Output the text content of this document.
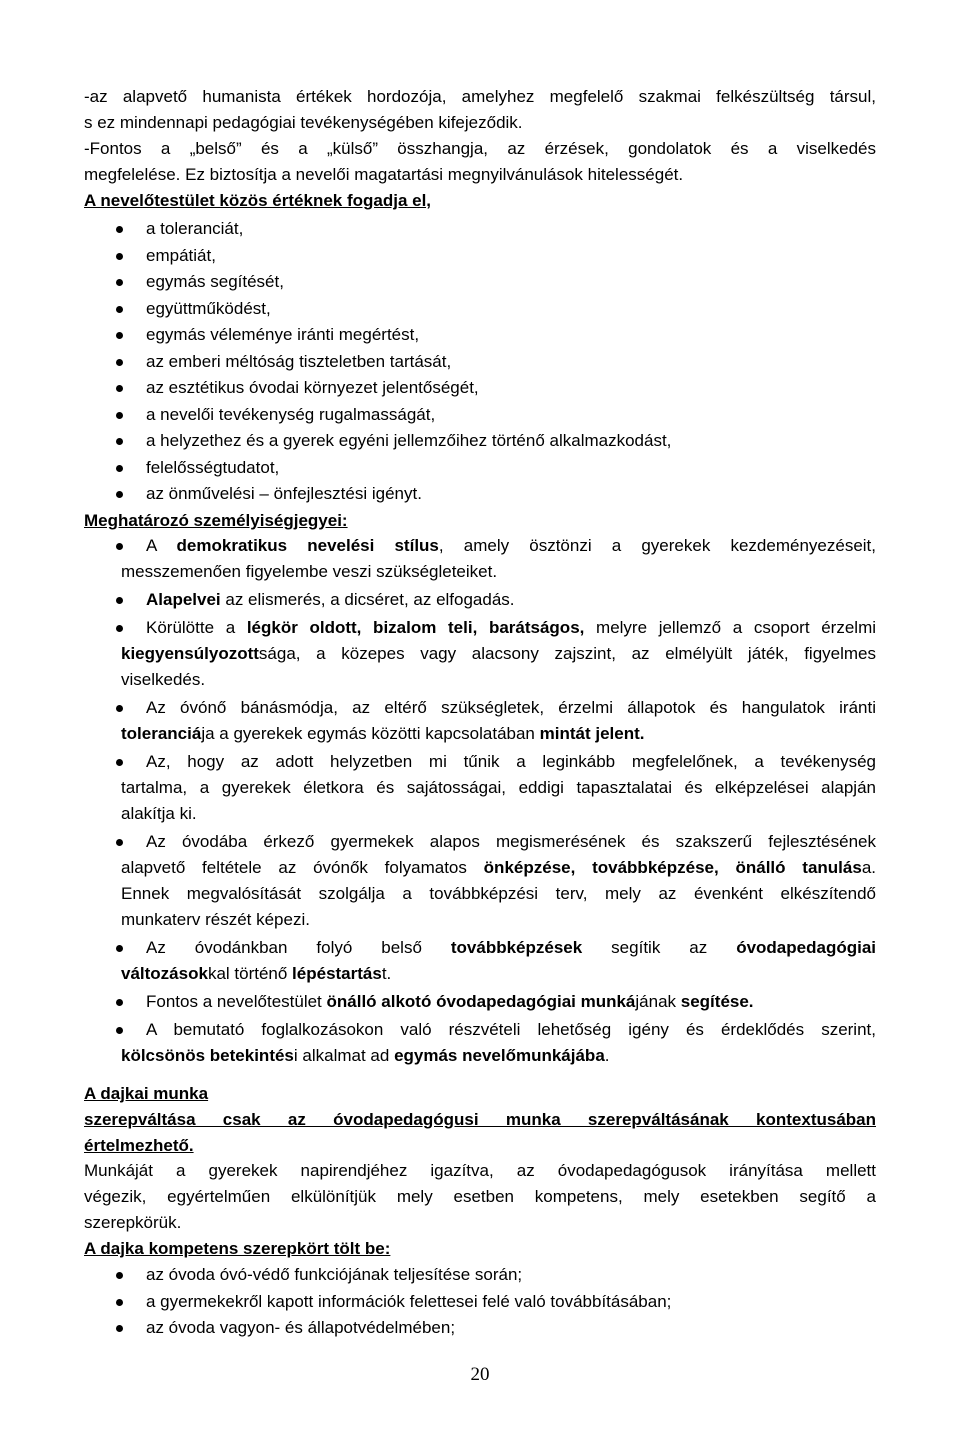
-az alapvető humanista értékek hordozója, amelyhez megfelelő szakmai felkészültség társul,
s ez mindennapi pedagógiai tevékenységében kifejeződik.
-Fontos a „belső” és a „külső” összhangja, az érzések, gondolatok és a viselkedés
megfelelése. Ez biztosítja a nevelői magatartási megnyilvánulások hitelességét.
A nevelőtestület közös értéknek fogadja el,
a toleranciát,
empátiát,
egymás segítését,
együttműködést,
egymás véleménye iránti megértést,
az emberi méltóság tiszteletben tartását,
az esztétikus óvodai környezet jelentőségét,
a nevelői tevékenység rugalmasságát,
a helyzethez és a gyerek egyéni jellemzőihez történő alkalmazkodást,
felelősségtudatot,
az önművelési – önfejlesztési igényt.
Meghatározó személyiségjegyei:
A demokratikus nevelési stílus, amely ösztönzi a gyerekek kezdeményezéseit,
messzemenően figyelembe veszi szükségleteiket.
Alapelvei az elismerés, a dicséret, az elfogadás.
Körülötte a légkör oldott, bizalom teli, barátságos, melyre jellemző a csoport érzelmi
kiegyensúlyozottsága, a közepes vagy alacsony zajszint, az elmélyült játék, figyelmes
viselkedés.
Az óvónő bánásmódja, az eltérő szükségletek, érzelmi állapotok és hangulatok iránti
toleranciája a gyerekek egymás közötti kapcsolatában mintát jelent.
Az, hogy az adott helyzetben mi tűnik a leginkább megfelelőnek, a tevékenység
tartalma, a gyerekek életkora és sajátosságai, eddigi tapasztalatai és elképzelései alapján
alakítja ki.
Az óvodába érkező gyermekek alapos megismerésének és szakszerű fejlesztésének
alapvető feltétele az óvónők folyamatos önképzése, továbbképzése, önálló tanulása.
Ennek megvalósítását szolgálja a továbbképzési terv, mely az évenként elkészítendő
munkaterv részét képezi.
Az óvodánkban folyó belső továbbképzések segítik az óvodapedagógiai
változásokkal történő lépéstartást.
Fontos a nevelőtestület önálló alkotó óvodapedagógiai munkájának segítése.
A bemutató foglalkozásokon való részvételi lehetőség igény és érdeklődés szerint,
kölcsönös betekintési alkalmat ad egymás nevelőmunkájába.
A dajkai munka
szerepváltása csak az óvodapedagógusi munka szerepváltásának kontextusában
értelmezhető.
Munkáját a gyerekek napirendjéhez igazítva, az óvodapedagógusok irányítása mellett
végezik, egyértelműen elkülönítjük mely esetben kompetens, mely esetekben segítő a
szerepkörük.
A dajka kompetens szerepkört tölt be:
az óvoda óvó-védő funkciójának teljesítése során;
a gyermekekről kapott információk felettesei felé való továbbításában;
az óvoda vagyon- és állapotvédelmében;
20
